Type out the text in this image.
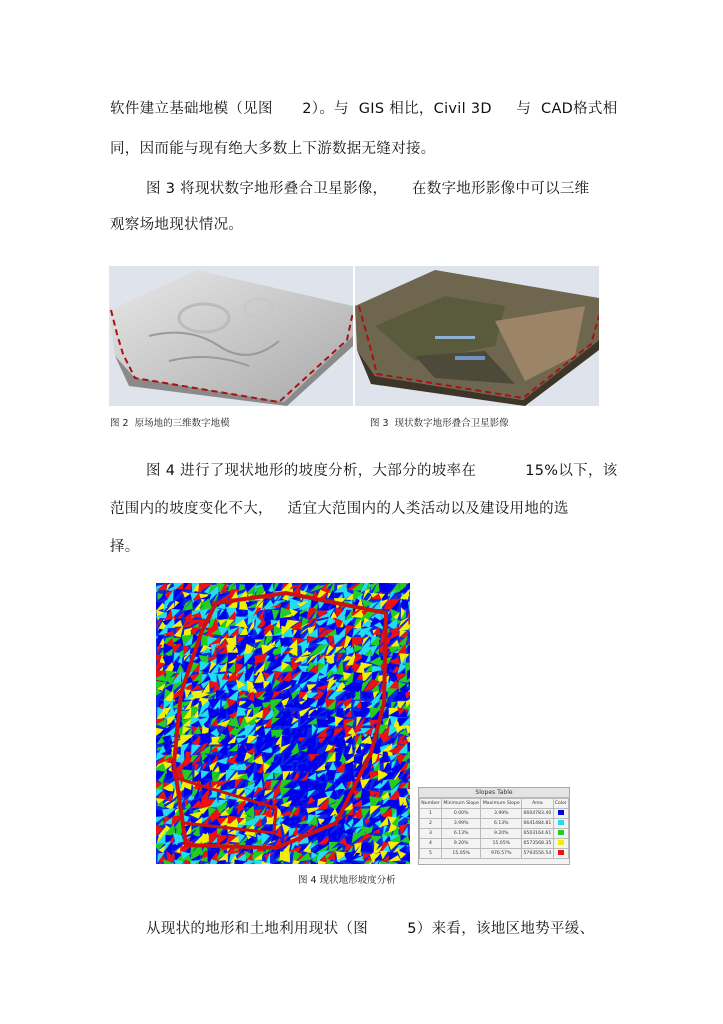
软件建立基础地模（见图      2）。与  GIS 相比，Civil 3D     与  CAD格式相
同，因而能与现有绝大多数上下游数据无缝对接。
图 3 将现状数字地形叠合卫星影像，     在数字地形影像中可以三维
观察场地现状情况。
图 2  原场地的三维数字地模	图 3  现状数字地形叠合卫星影像
图 4 进行了现状地形的坡度分析，大部分的坡率在          15%以下，该
范围内的坡度变化不大，   适宜大范围内的人类活动以及建设用地的选
择。
Slopes Table
Number	Minimum Slope	Maximum Slope	Area	Color
1	0.00%	3.99%	6604783.40	
2	3.99%	6.13%	6641484.81	
3	6.13%	9.20%	6503164.61	
4	9.20%	15.05%	6573568.35	
5	15.05%	976.57%	5793556.54	
图 4 现状地形坡度分析
从现状的地形和土地利用现状（图        5）来看，该地区地势平缓、
